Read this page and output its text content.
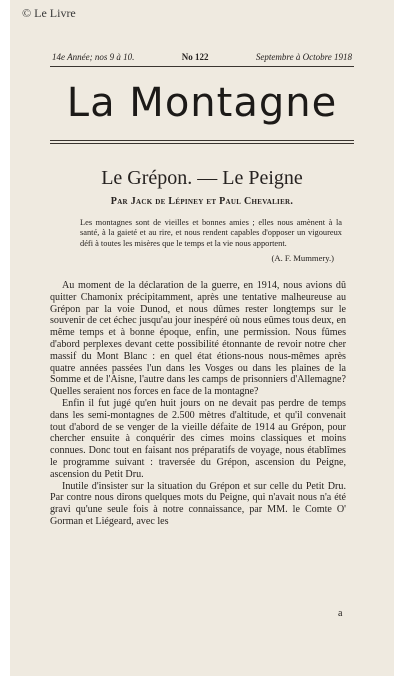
© Le Livre
14e Année; nos 9 à 10.	No 122	Septembre à Octobre 1918
La Montagne
Le Grépon. — Le Peigne
Par Jack de Lépiney et Paul Chevalier.
Les montagnes sont de vieilles et bonnes amies ; elles nous amènent à la santé, à la gaieté et au rire, et nous rendent capables d'opposer un vigoureux défi à toutes les misères que le temps et la vie nous apportent.
(A. F. Mummery.)

Au moment de la déclaration de la guerre, en 1914, nous avions dû quitter Chamonix précipitamment, après une tentative malheureuse au Grépon par la voie Dunod, et nous dûmes rester longtemps sur le souvenir de cet échec jusqu'au jour inespéré où nous eûmes tous deux, en même temps et à bonne époque, enfin, une permission. Nous fûmes d'abord perplexes devant cette possibilité étonnante de revoir notre cher massif du Mont Blanc : en quel état étions-nous nous-mêmes après quatre années passées l'un dans les Vosges ou dans les plaines de la Somme et de l'Aisne, l'autre dans les camps de prisonniers d'Allemagne? Quelles seraient nos forces en face de la montagne?

Enfin il fut jugé qu'en huit jours on ne devait pas perdre de temps dans les semi-montagnes de 2.500 mètres d'altitude, et qu'il convenait tout d'abord de se venger de la vieille défaite de 1914 au Grépon, pour chercher ensuite à conquérir des cimes moins classiques et moins connues. Donc tout en faisant nos préparatifs de voyage, nous établîmes le programme suivant : traversée du Grépon, ascension du Peigne, ascension du Petit Dru.

Inutile d'insister sur la situation du Grépon et sur celle du Petit Dru. Par contre nous dirons quelques mots du Peigne, qui n'avait nous n'a été gravi qu'une seule fois à notre connaissance, par MM. le Comte O' Gorman et Liégeard, avec les

a
